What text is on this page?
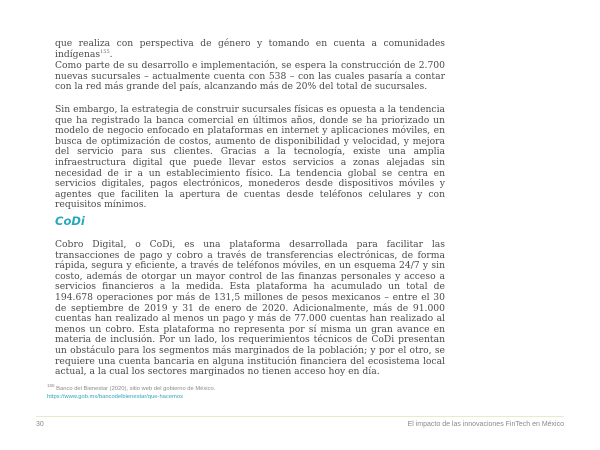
que realiza con perspectiva de género y tomando en cuenta a comunidades indígenas$^{155}$.

Como parte de su desarrollo e implementación, se espera la construcción de 2.700 nuevas sucursales – actualmente cuenta con 538 – con las cuales pasaría a contar con la red más grande del país, alcanzando más de 20% del total de sucursales.

Sin embargo, la estrategia de construir sucursales físicas es opuesta a la tendencia que ha registrado la banca comercial en últimos años, donde se ha priorizado un modelo de negocio enfocado en plataformas en internet y aplicaciones móviles, en busca de optimización de costos, aumento de disponibilidad y velocidad, y mejora del servicio para sus clientes. Gracias a la tecnología, existe una amplia infraestructura digital que puede llevar estos servicios a zonas alejadas sin necesidad de ir a un establecimiento físico. La tendencia global se centra en servicios digitales, pagos electrónicos, monederos desde dispositivos móviles y agentes que faciliten la apertura de cuentas desde teléfonos celulares y con requisitos mínimos.

CoDi

Cobro Digital, o CoDi, es una plataforma desarrollada para facilitar las transacciones de pago y cobro a través de transferencias electrónicas, de forma rápida, segura y eficiente, a través de teléfonos móviles, en un esquema 24/7 y sin costo, además de otorgar un mayor control de las finanzas personales y acceso a servicios financieros a la medida. Esta plataforma ha acumulado un total de 194.678 operaciones por más de 131,5 millones de pesos mexicanos – entre el 30 de septiembre de 2019 y 31 de enero de 2020. Adicionalmente, más de 91.000 cuentas han realizado al menos un pago y más de 77.000 cuentas han realizado al menos un cobro. Esta plataforma no representa por sí misma un gran avance en materia de inclusión. Por un lado, los requerimientos técnicos de CoDi presentan un obstáculo para los segmentos más marginados de la población; y por el otro, se requiere una cuenta bancaria en alguna institución financiera del ecosistema local actual, a la cual los sectores marginados no tienen acceso hoy en día.

$^{155}$ Banco del Bienestar (2020), sitio web del gobierno de México.

https://www.gob.mx/bancodelbienestar/que-hacemos
30	El impacto de las innovaciones FinTech en México
